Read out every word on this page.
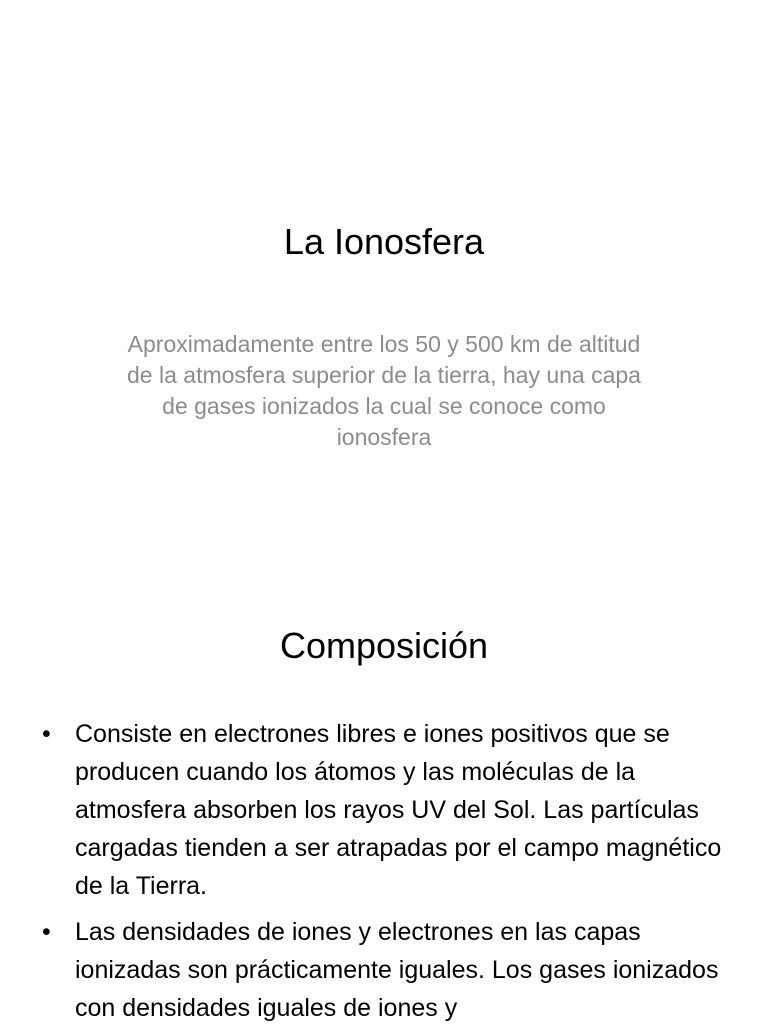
La Ionosfera

Aproximadamente entre los 50 y 500 km de altitud de la atmosfera superior de la tierra, hay una capa de gases ionizados la cual se conoce como ionosfera

Composición
• Consiste en electrones libres e iones positivos que se producen cuando los átomos y las moléculas de la atmosfera absorben los rayos UV del Sol. Las partículas cargadas tienden a ser atrapadas por el campo magnético de la Tierra.
• Las densidades de iones y electrones en las capas ionizadas son prácticamente iguales. Los gases ionizados con densidades iguales de iones y
